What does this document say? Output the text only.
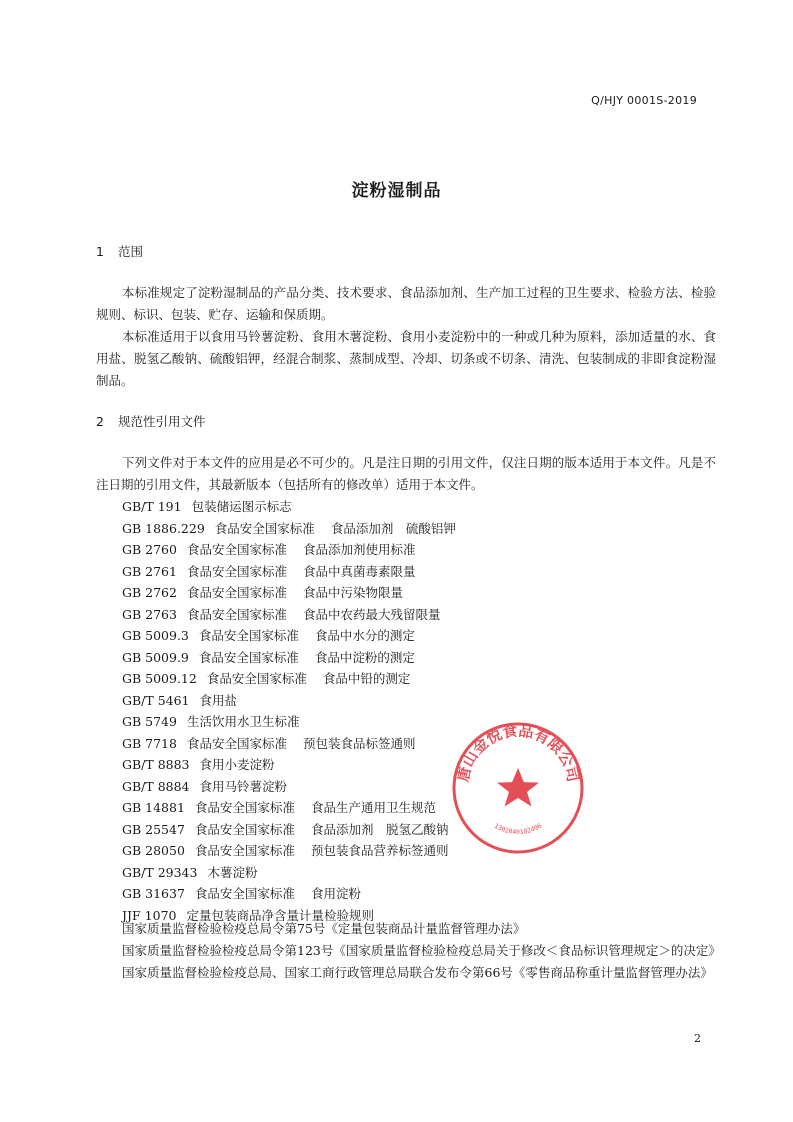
Q/HJY 0001S-2019
淀粉湿制品
1 范围
本标准规定了淀粉湿制品的产品分类、技术要求、食品添加剂、生产加工过程的卫生要求、检验方法、检验规则、标识、包装、贮存、运输和保质期。
本标准适用于以食用马铃薯淀粉、食用木薯淀粉、食用小麦淀粉中的一种或几种为原料，添加适量的水、食用盐、脱氢乙酸钠、硫酸铝钾，经混合制浆、蒸制成型、冷却、切条或不切条、清洗、包装制成的非即食淀粉湿制品。
2 规范性引用文件
下列文件对于本文件的应用是必不可少的。凡是注日期的引用文件，仅注日期的版本适用于本文件。凡是不注日期的引用文件，其最新版本（包括所有的修改单）适用于本文件。
GB/T 191 包装储运图示标志
GB 1886.229 食品安全国家标准 食品添加剂　硫酸铝钾
GB 2760 食品安全国家标准 食品添加剂使用标准
GB 2761 食品安全国家标准 食品中真菌毒素限量
GB 2762 食品安全国家标准 食品中污染物限量
GB 2763 食品安全国家标准 食品中农药最大残留限量
GB 5009.3 食品安全国家标准 食品中水分的测定
GB 5009.9 食品安全国家标准 食品中淀粉的测定
GB 5009.12 食品安全国家标准 食品中铅的测定
GB/T 5461 食用盐
GB 5749 生活饮用水卫生标准
GB 7718 食品安全国家标准 预包装食品标签通则
GB/T 8883 食用小麦淀粉
GB/T 8884 食用马铃薯淀粉
GB 14881 食品安全国家标准 食品生产通用卫生规范
GB 25547 食品安全国家标准 食品添加剂　脱氢乙酸钠
GB 28050 食品安全国家标准 预包装食品营养标签通则
GB/T 29343 木薯淀粉
GB 31637 食品安全国家标准 食用淀粉
JJF 1070 定量包装商品净含量计量检验规则
国家质量监督检验检疫总局令第75号《定量包装商品计量监督管理办法》
国家质量监督检验检疫总局令第123号《国家质量监督检验检疫总局关于修改＜食品标识管理规定＞的决定》
国家质量监督检验检疫总局、国家工商行政管理总局联合发布令第66号《零售商品称重计量监督管理办法》
唐山金悦食品有限公司
1302040102496
2
